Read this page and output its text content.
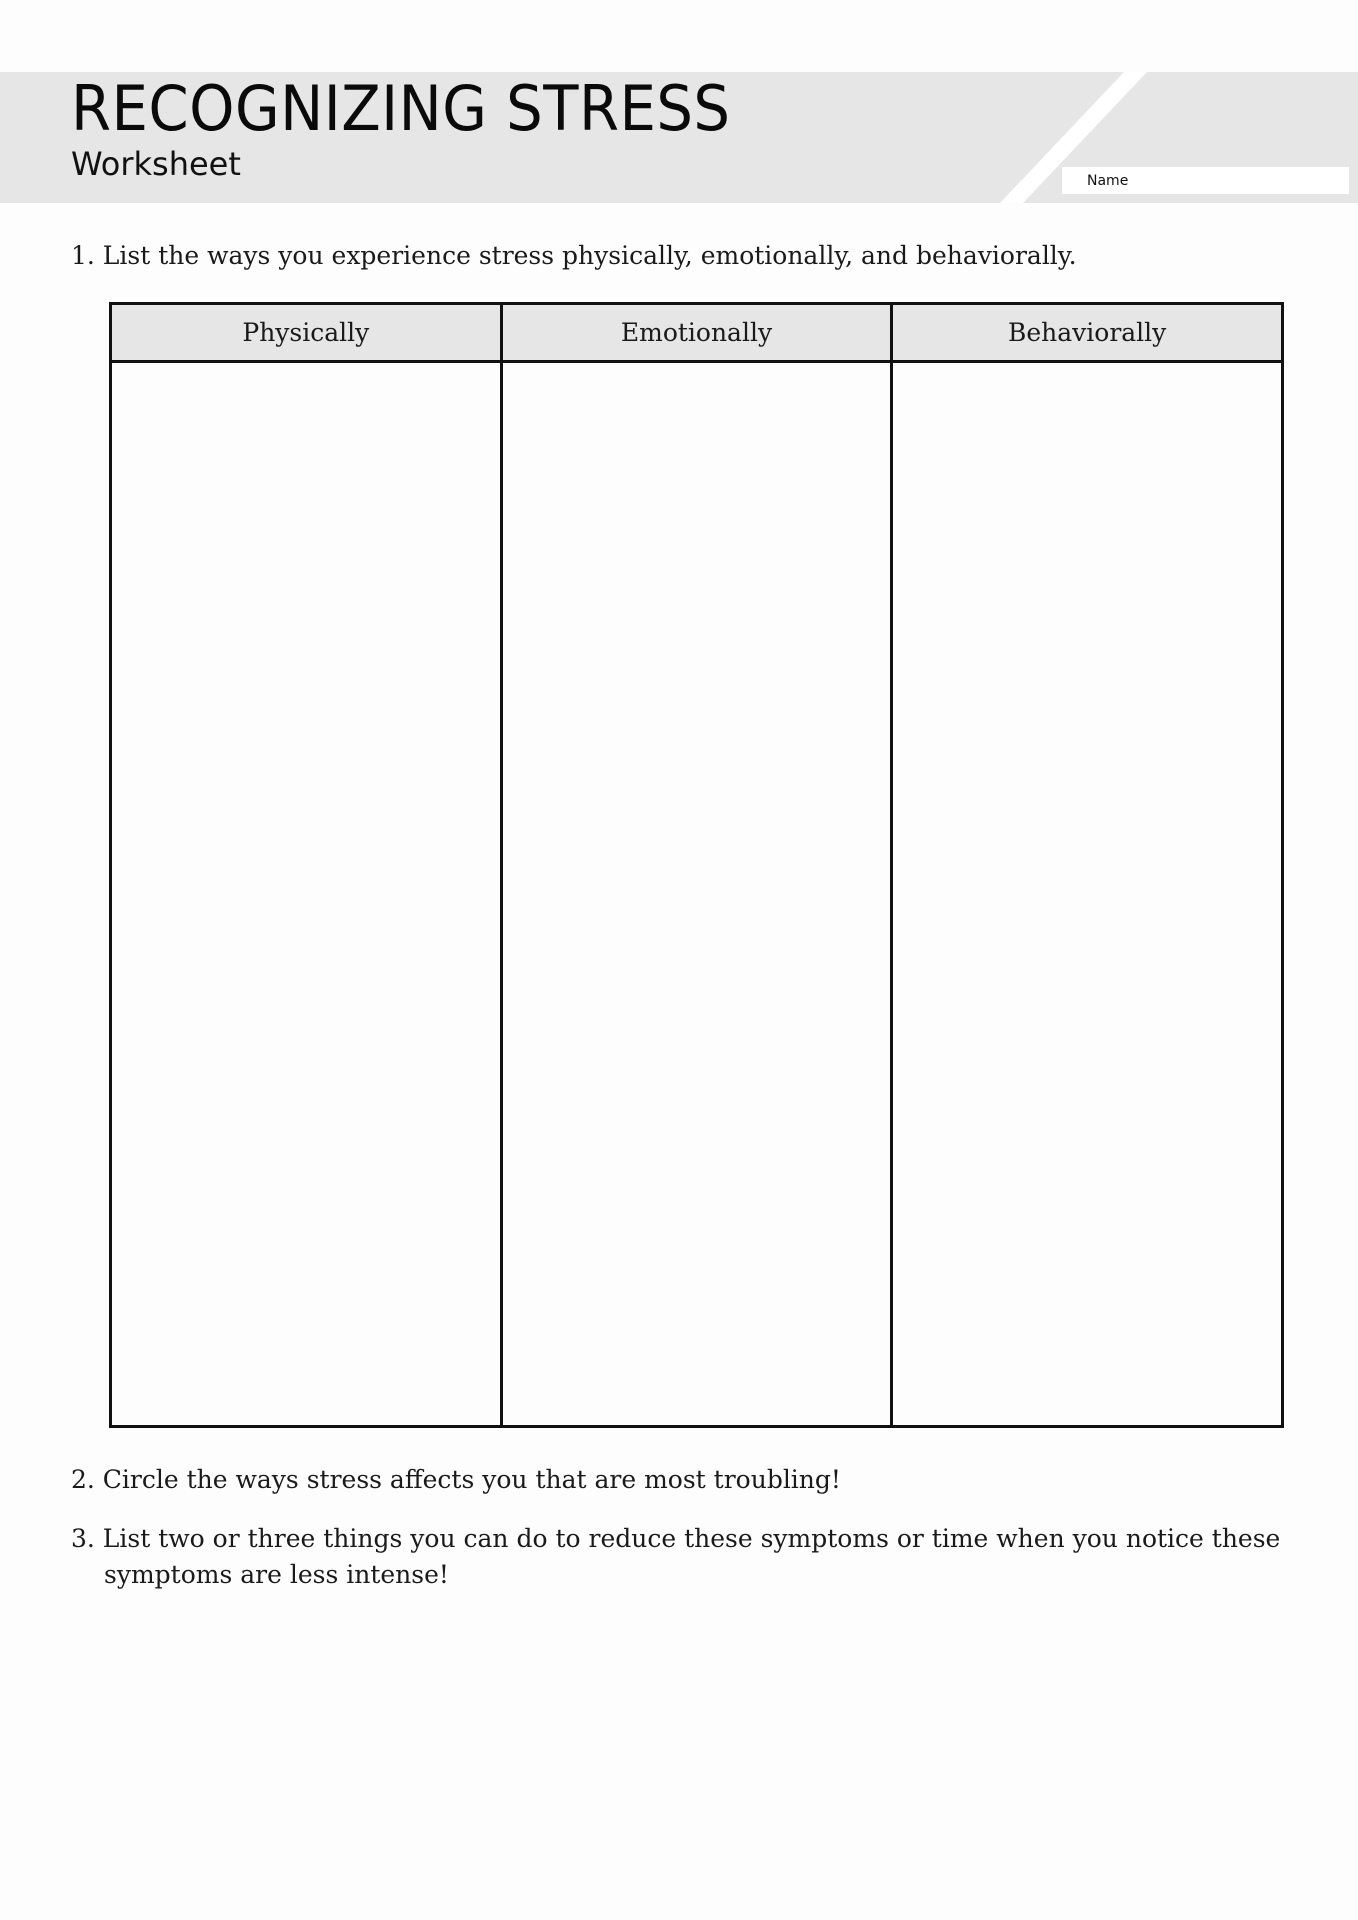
RECOGNIZING STRESS
Worksheet	Name
1. List the ways you experience stress physically, emotionally, and behaviorally.
Physically	Emotionally	Behaviorally

2. Circle the ways stress affects you that are most troubling!
3. List two or three things you can do to reduce these symptoms or time when you notice these
symptoms are less intense!
